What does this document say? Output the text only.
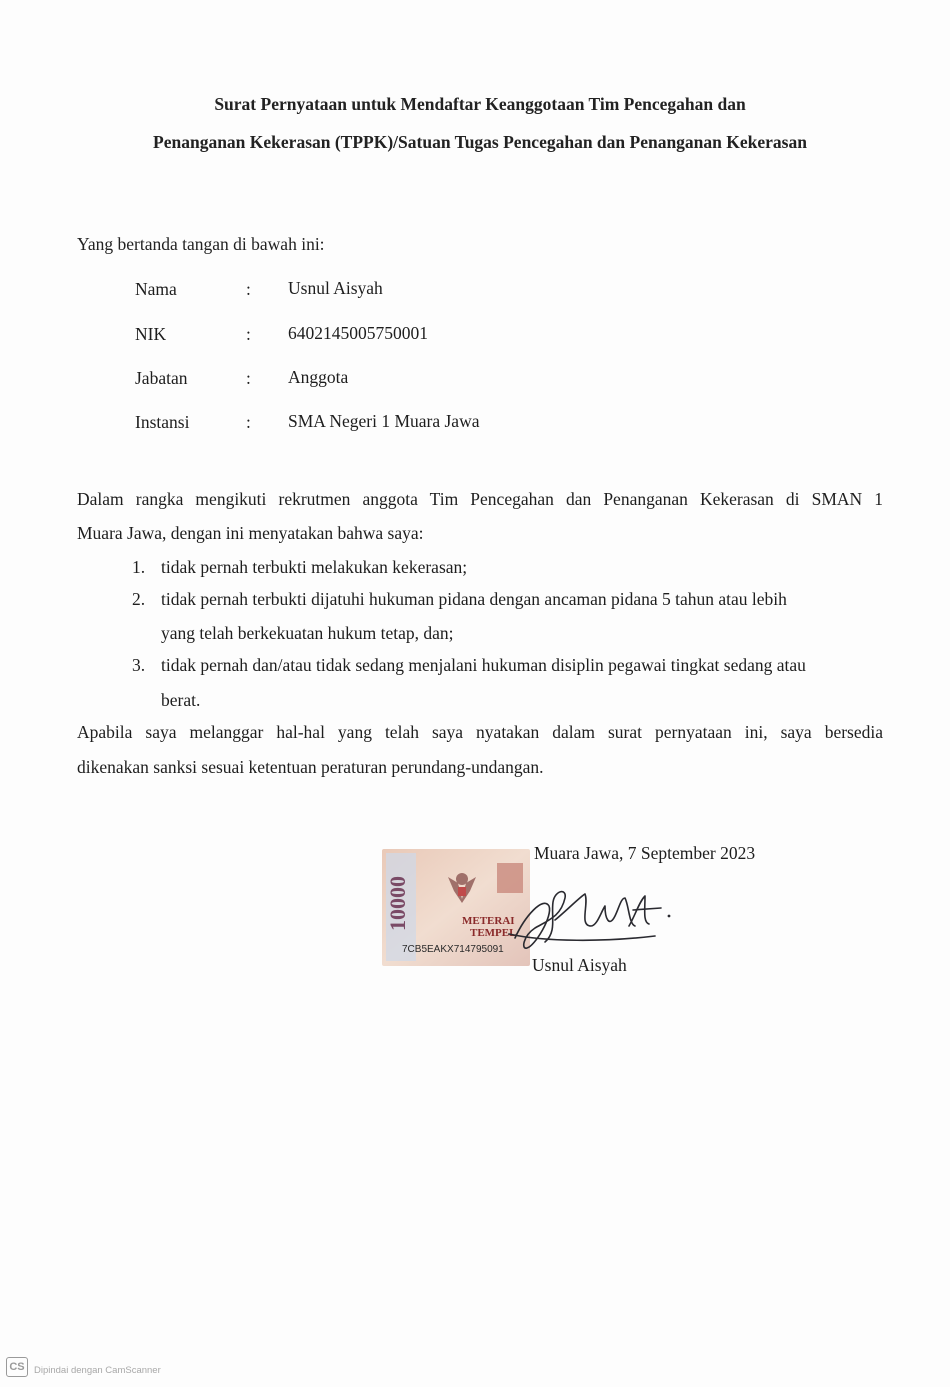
Surat Pernyataan untuk Mendaftar Keanggotaan Tim Pencegahan dan
Penanganan Kekerasan (TPPK)/Satuan Tugas Pencegahan dan Penanganan Kekerasan
Yang bertanda tangan di bawah ini:
Nama	: Usnul Aisyah
NIK	: 6402145005750001
Jabatan	: Anggota
Instansi	: SMA Negeri 1 Muara Jawa
Dalam rangka mengikuti rekrutmen anggota Tim Pencegahan dan Penanganan Kekerasan di SMAN 1
Muara Jawa, dengan ini menyatakan bahwa saya:
1. tidak pernah terbukti melakukan kekerasan;
2. tidak pernah terbukti dijatuhi hukuman pidana dengan ancaman pidana 5 tahun atau lebih
yang telah berkekuatan hukum tetap, dan;
3. tidak pernah dan/atau tidak sedang menjalani hukuman disiplin pegawai tingkat sedang atau
berat.
Apabila saya melanggar hal-hal yang telah saya nyatakan dalam surat pernyataan ini, saya bersedia
dikenakan sanksi sesuai ketentuan peraturan perundang-undangan.
Muara Jawa, 7 September 2023
10000	METERAI
TEMPEL
7CB5EAKX714795091
Usnul Aisyah
CS Dipindai dengan CamScanner
